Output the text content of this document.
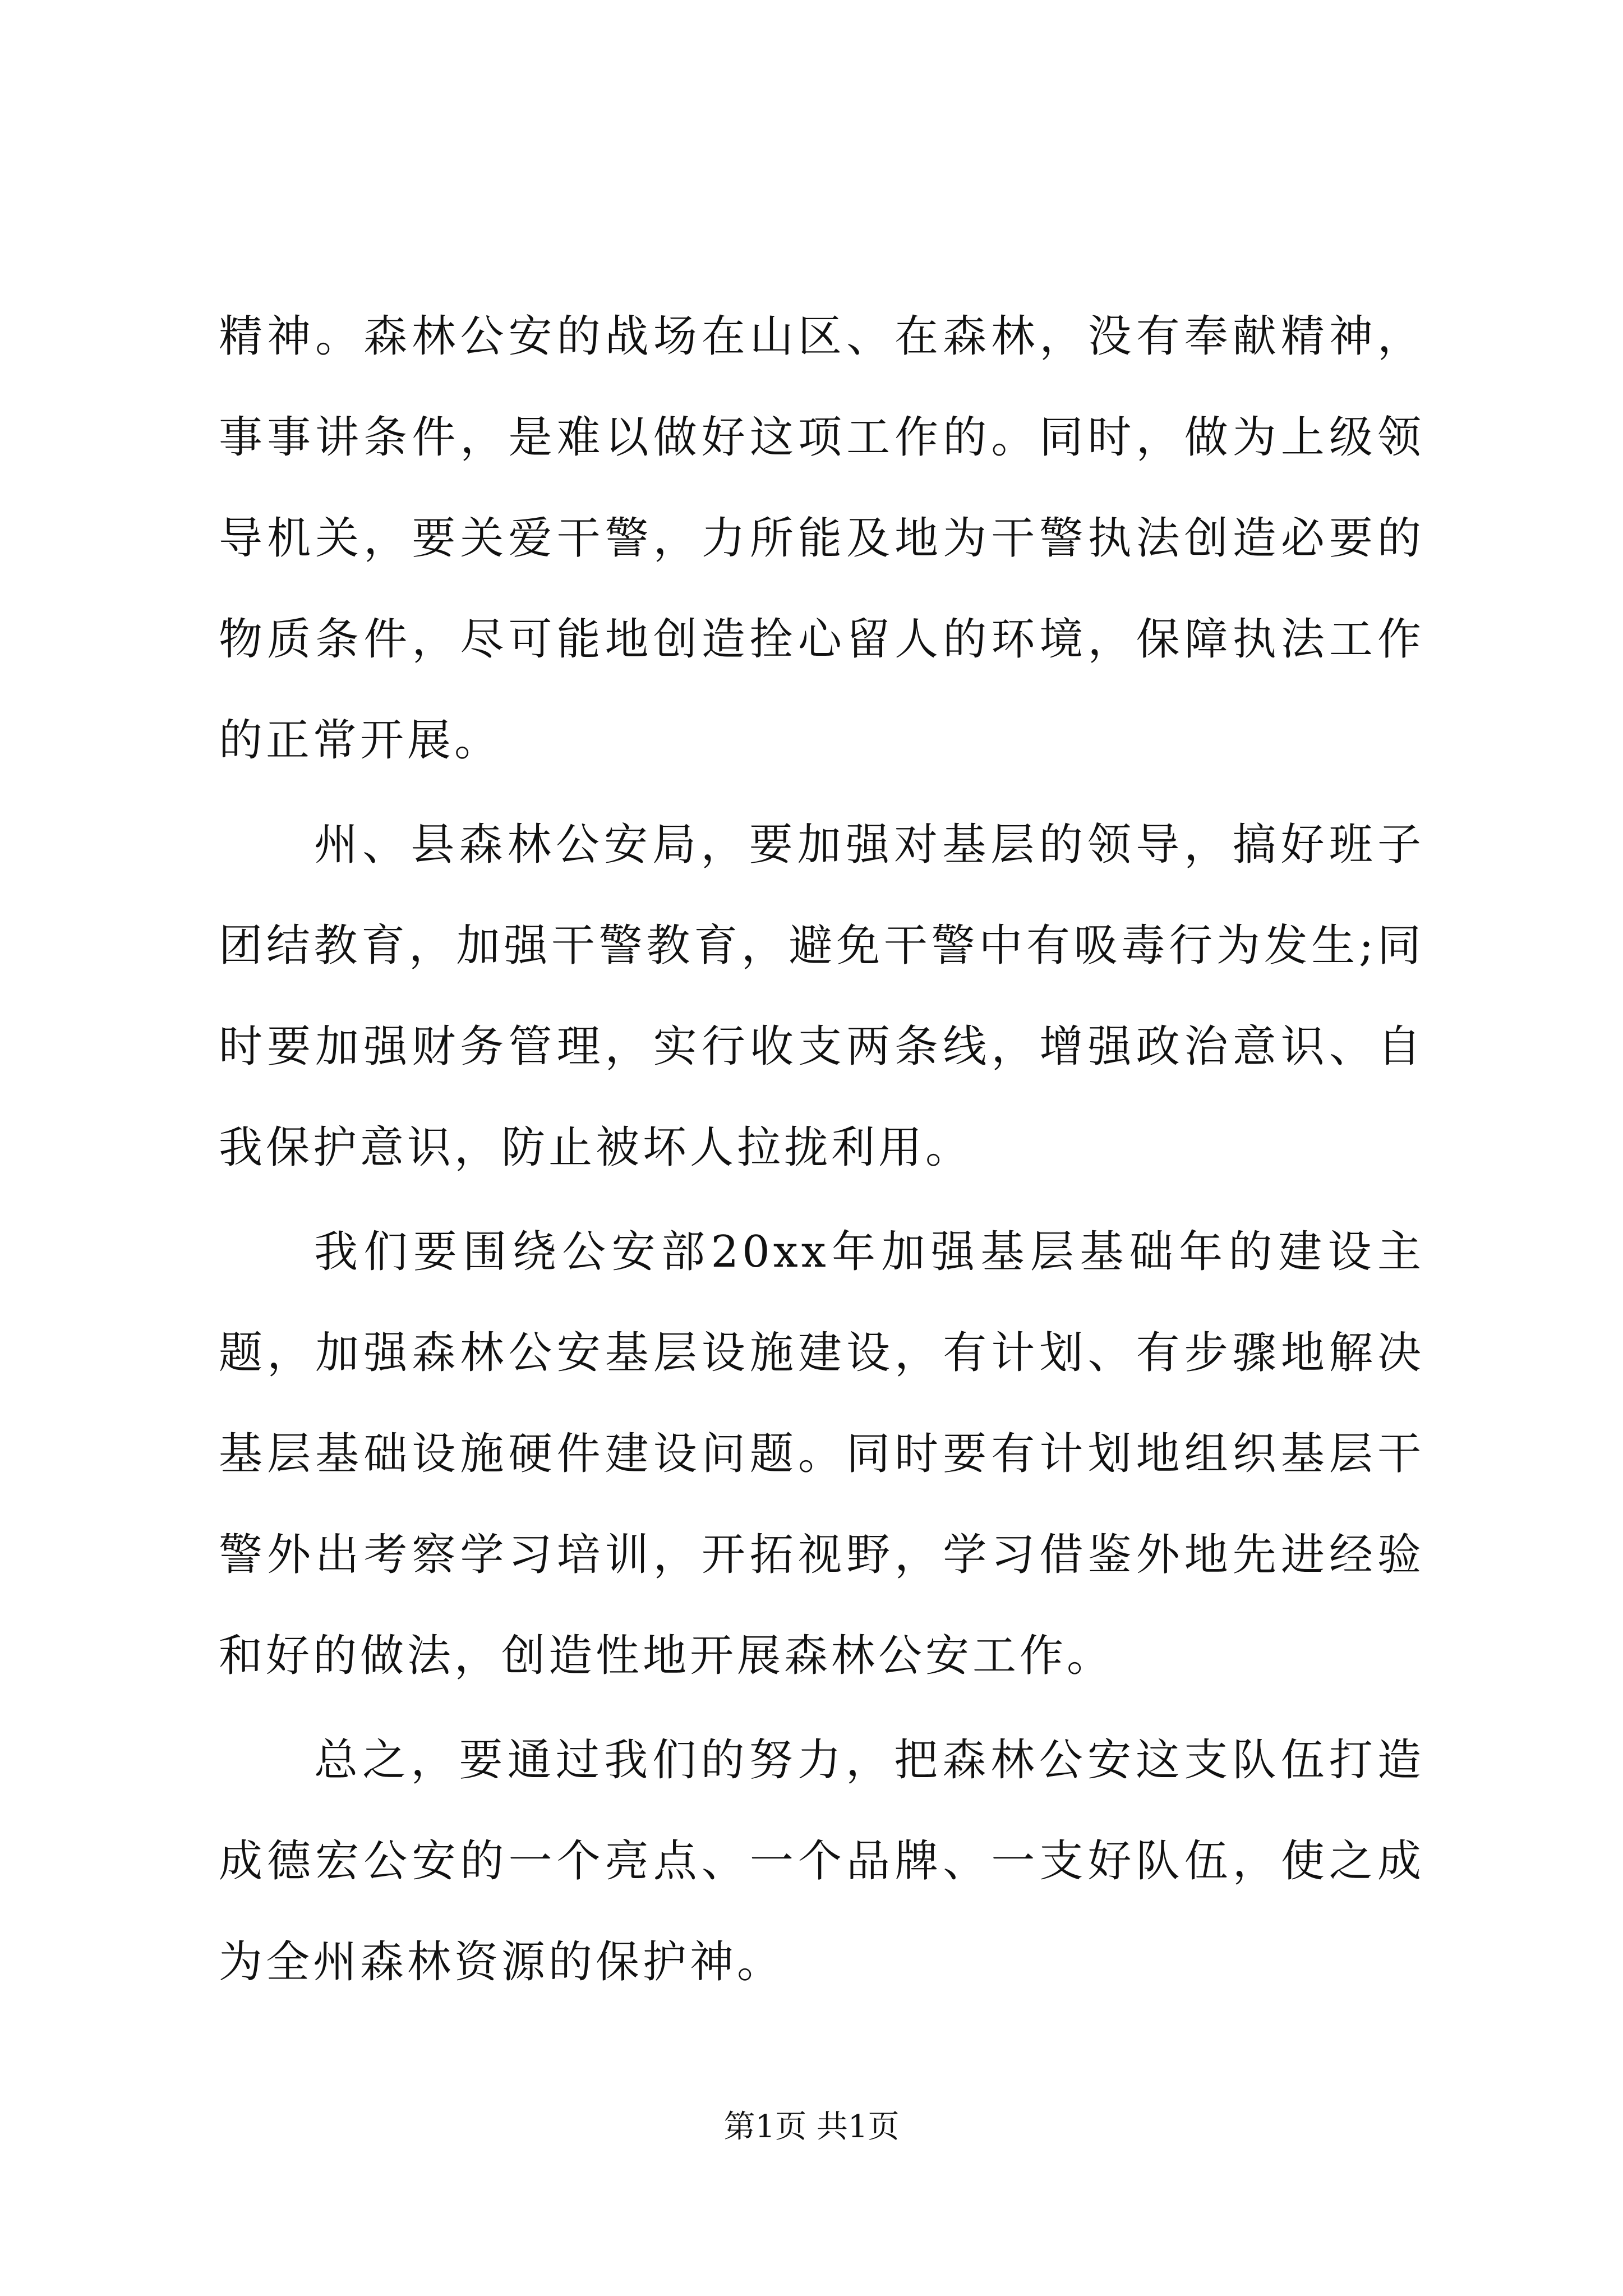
精神。森林公安的战场在山区、在森林，没有奉献精神，事事讲条件，是难以做好这项工作的。同时，做为上级领导机关，要关爱干警，力所能及地为干警执法创造必要的物质条件，尽可能地创造拴心留人的环境，保障执法工作的正常开展。

州、县森林公安局，要加强对基层的领导，搞好班子团结教育，加强干警教育，避免干警中有吸毒行为发生;同时要加强财务管理，实行收支两条线，增强政治意识、自我保护意识，防止被坏人拉拢利用。

我们要围绕公安部20xx年加强基层基础年的建设主题，加强森林公安基层设施建设，有计划、有步骤地解决基层基础设施硬件建设问题。同时要有计划地组织基层干警外出考察学习培训，开拓视野，学习借鉴外地先进经验和好的做法，创造性地开展森林公安工作。

总之，要通过我们的努力，把森林公安这支队伍打造成德宏公安的一个亮点、一个品牌、一支好队伍，使之成为全州森林资源的保护神。

第1页 共1页
